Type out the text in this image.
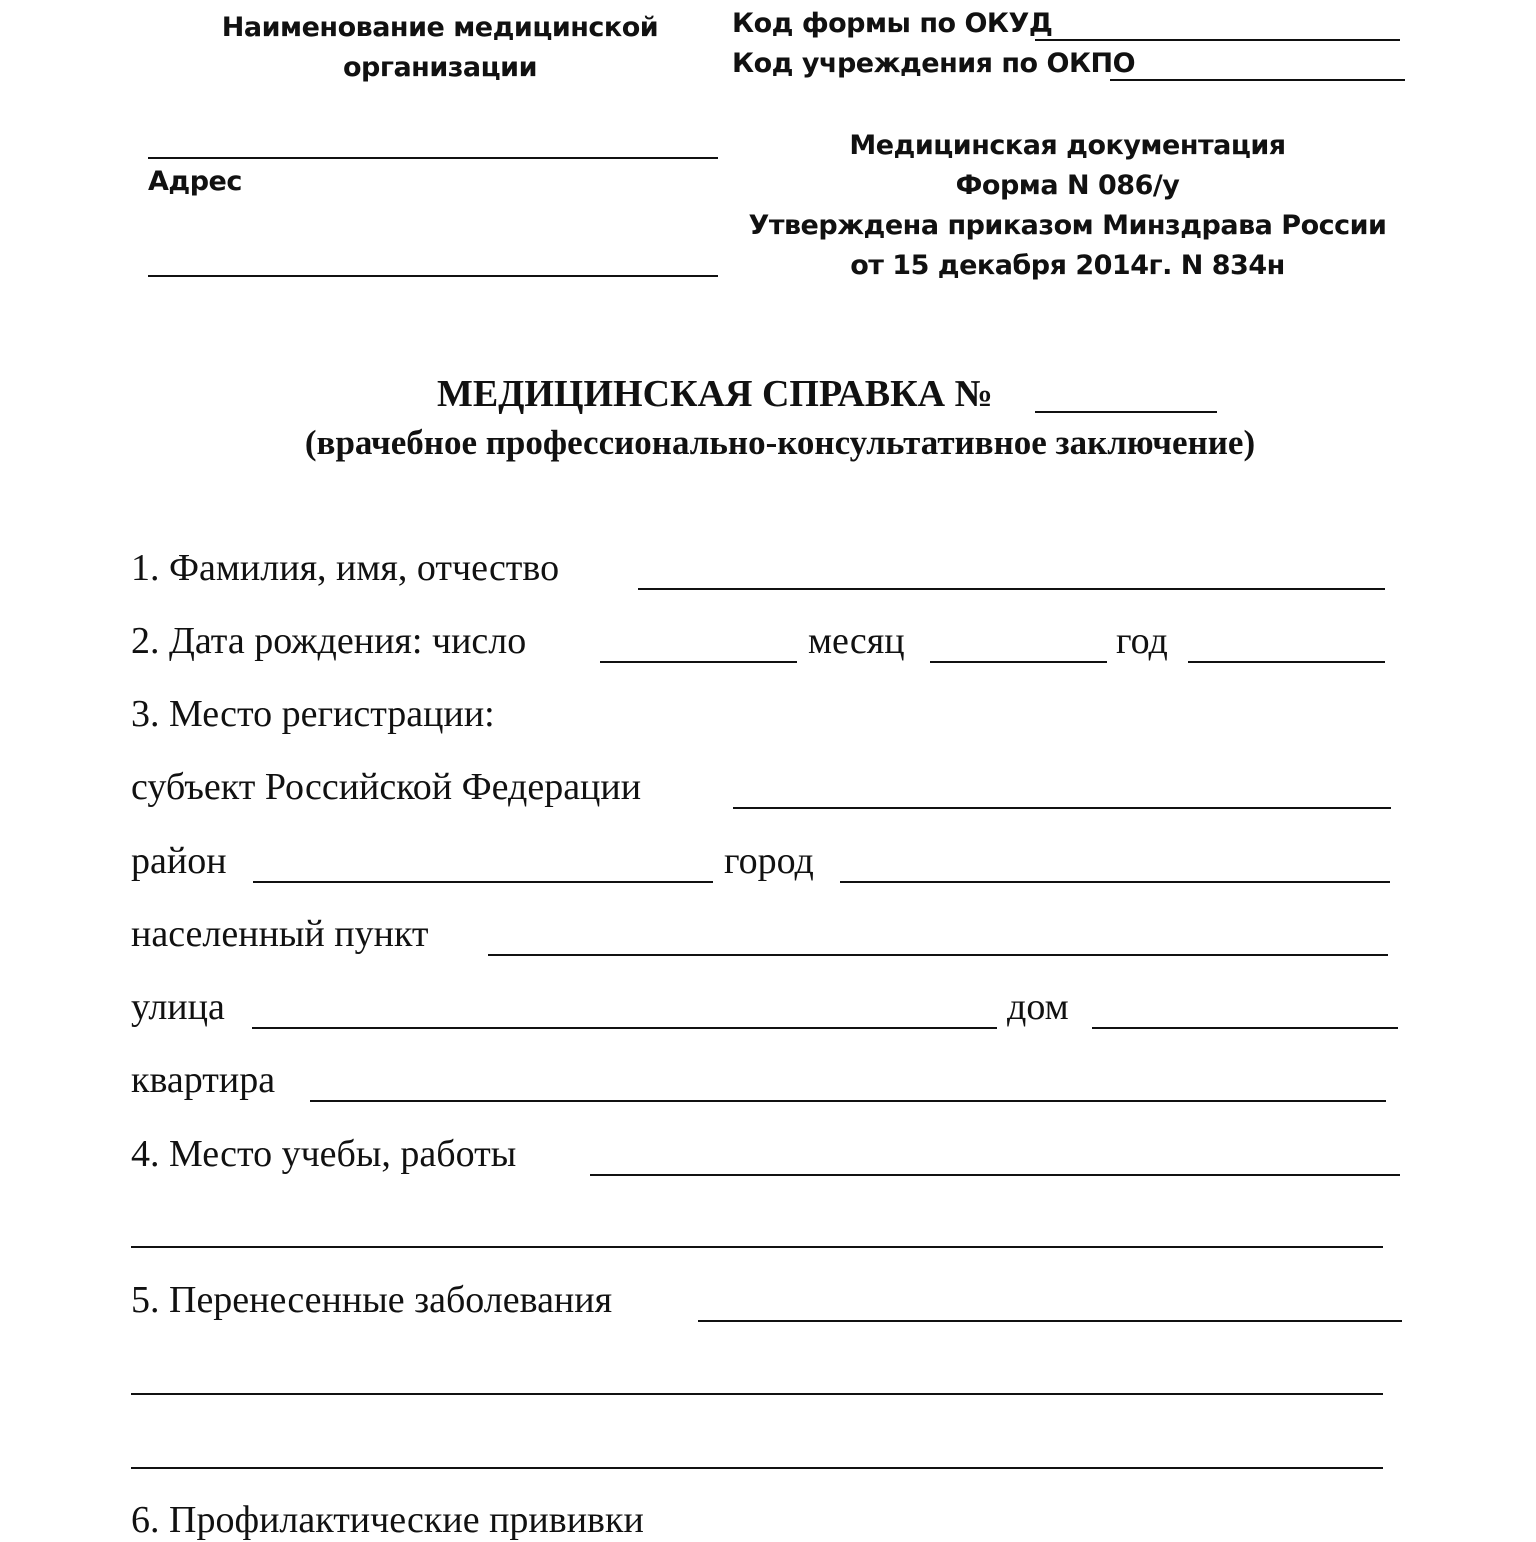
Наименование медицинской
организации
Адрес
Код формы по ОКУД
Код учреждения по ОКПО
Медицинская документация
Форма N 086/у
Утверждена приказом Минздрава России
от 15 декабря 2014г. N 834н
МЕДИЦИНСКАЯ СПРАВКА №
(врачебное профессионально-консультативное заключение)
1. Фамилия, имя, отчество
2. Дата рождения: число	месяц	год
3. Место регистрации:
субъект Российской Федерации
район	город
населенный пункт
улица	дом
квартира
4. Место учебы, работы
5. Перенесенные заболевания
6. Профилактические прививки
